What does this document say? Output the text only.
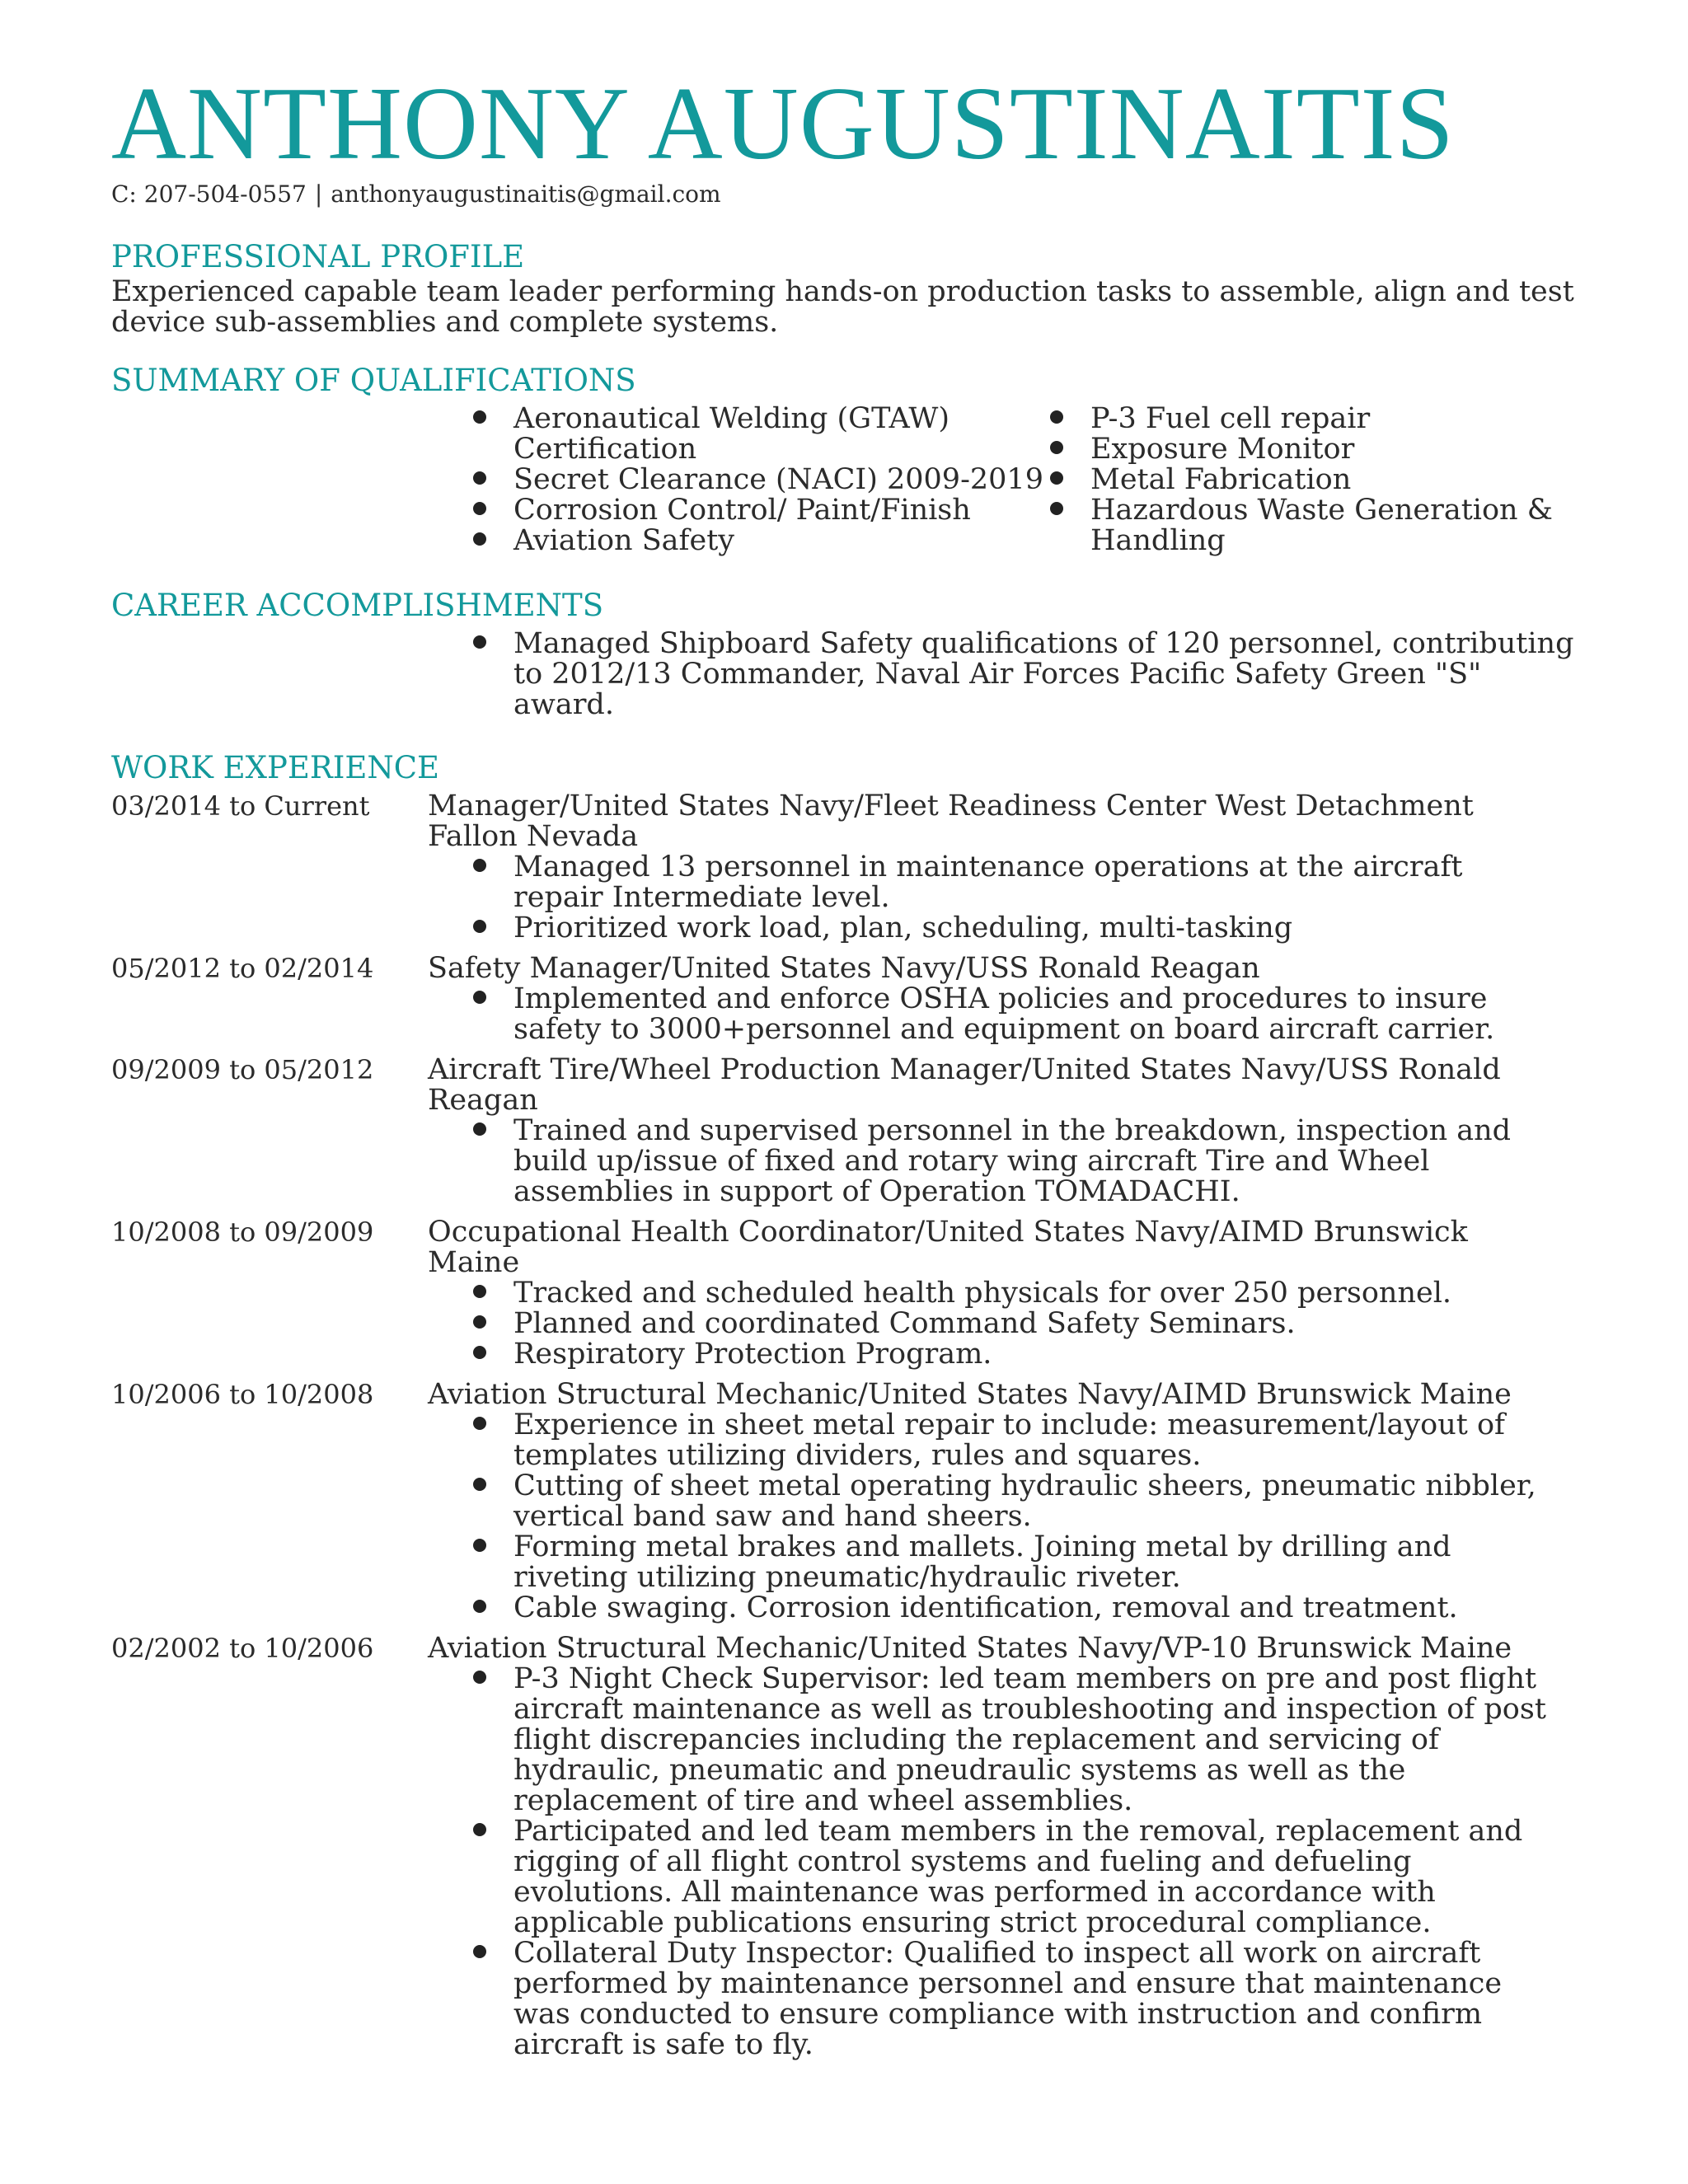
ANTHONY AUGUSTINAITIS
C: 207-504-0557 | anthonyaugustinaitis@gmail.com
PROFESSIONAL PROFILE
Experienced capable team leader performing hands-on production tasks to assemble, align and test device sub-assemblies and complete systems.
SUMMARY OF QUALIFICATIONS
Aeronautical Welding (GTAW) Certification
Secret Clearance (NACI) 2009-2019
Corrosion Control/ Paint/Finish
Aviation Safety
P-3 Fuel cell repair
Exposure Monitor
Metal Fabrication
Hazardous Waste Generation & Handling
CAREER ACCOMPLISHMENTS
Managed Shipboard Safety qualifications of 120 personnel, contributing to 2012/13 Commander, Naval Air Forces Pacific Safety Green "S" award.
WORK EXPERIENCE
03/2014 to Current	Manager/United States Navy/Fleet Readiness Center West Detachment Fallon Nevada
Managed 13 personnel in maintenance operations at the aircraft repair Intermediate level.
Prioritized work load, plan, scheduling, multi-tasking
05/2012 to 02/2014	Safety Manager/United States Navy/USS Ronald Reagan
Implemented and enforce OSHA policies and procedures to insure safety to 3000+personnel and equipment on board aircraft carrier.
09/2009 to 05/2012	Aircraft Tire/Wheel Production Manager/United States Navy/USS Ronald Reagan
Trained and supervised personnel in the breakdown, inspection and build up/issue of fixed and rotary wing aircraft Tire and Wheel assemblies in support of Operation TOMADACHI.
10/2008 to 09/2009	Occupational Health Coordinator/United States Navy/AIMD Brunswick Maine
Tracked and scheduled health physicals for over 250 personnel.
Planned and coordinated Command Safety Seminars.
Respiratory Protection Program.
10/2006 to 10/2008	Aviation Structural Mechanic/United States Navy/AIMD Brunswick Maine
Experience in sheet metal repair to include: measurement/layout of templates utilizing dividers, rules and squares.
Cutting of sheet metal operating hydraulic sheers, pneumatic nibbler, vertical band saw and hand sheers.
Forming metal brakes and mallets. Joining metal by drilling and riveting utilizing pneumatic/hydraulic riveter.
Cable swaging. Corrosion identification, removal and treatment.
02/2002 to 10/2006	Aviation Structural Mechanic/United States Navy/VP-10 Brunswick Maine
P-3 Night Check Supervisor: led team members on pre and post flight aircraft maintenance as well as troubleshooting and inspection of post flight discrepancies including the replacement and servicing of hydraulic, pneumatic and pneudraulic systems as well as the replacement of tire and wheel assemblies.
Participated and led team members in the removal, replacement and rigging of all flight control systems and fueling and defueling evolutions. All maintenance was performed in accordance with applicable publications ensuring strict procedural compliance.
Collateral Duty Inspector: Qualified to inspect all work on aircraft performed by maintenance personnel and ensure that maintenance was conducted to ensure compliance with instruction and confirm aircraft is safe to fly.
